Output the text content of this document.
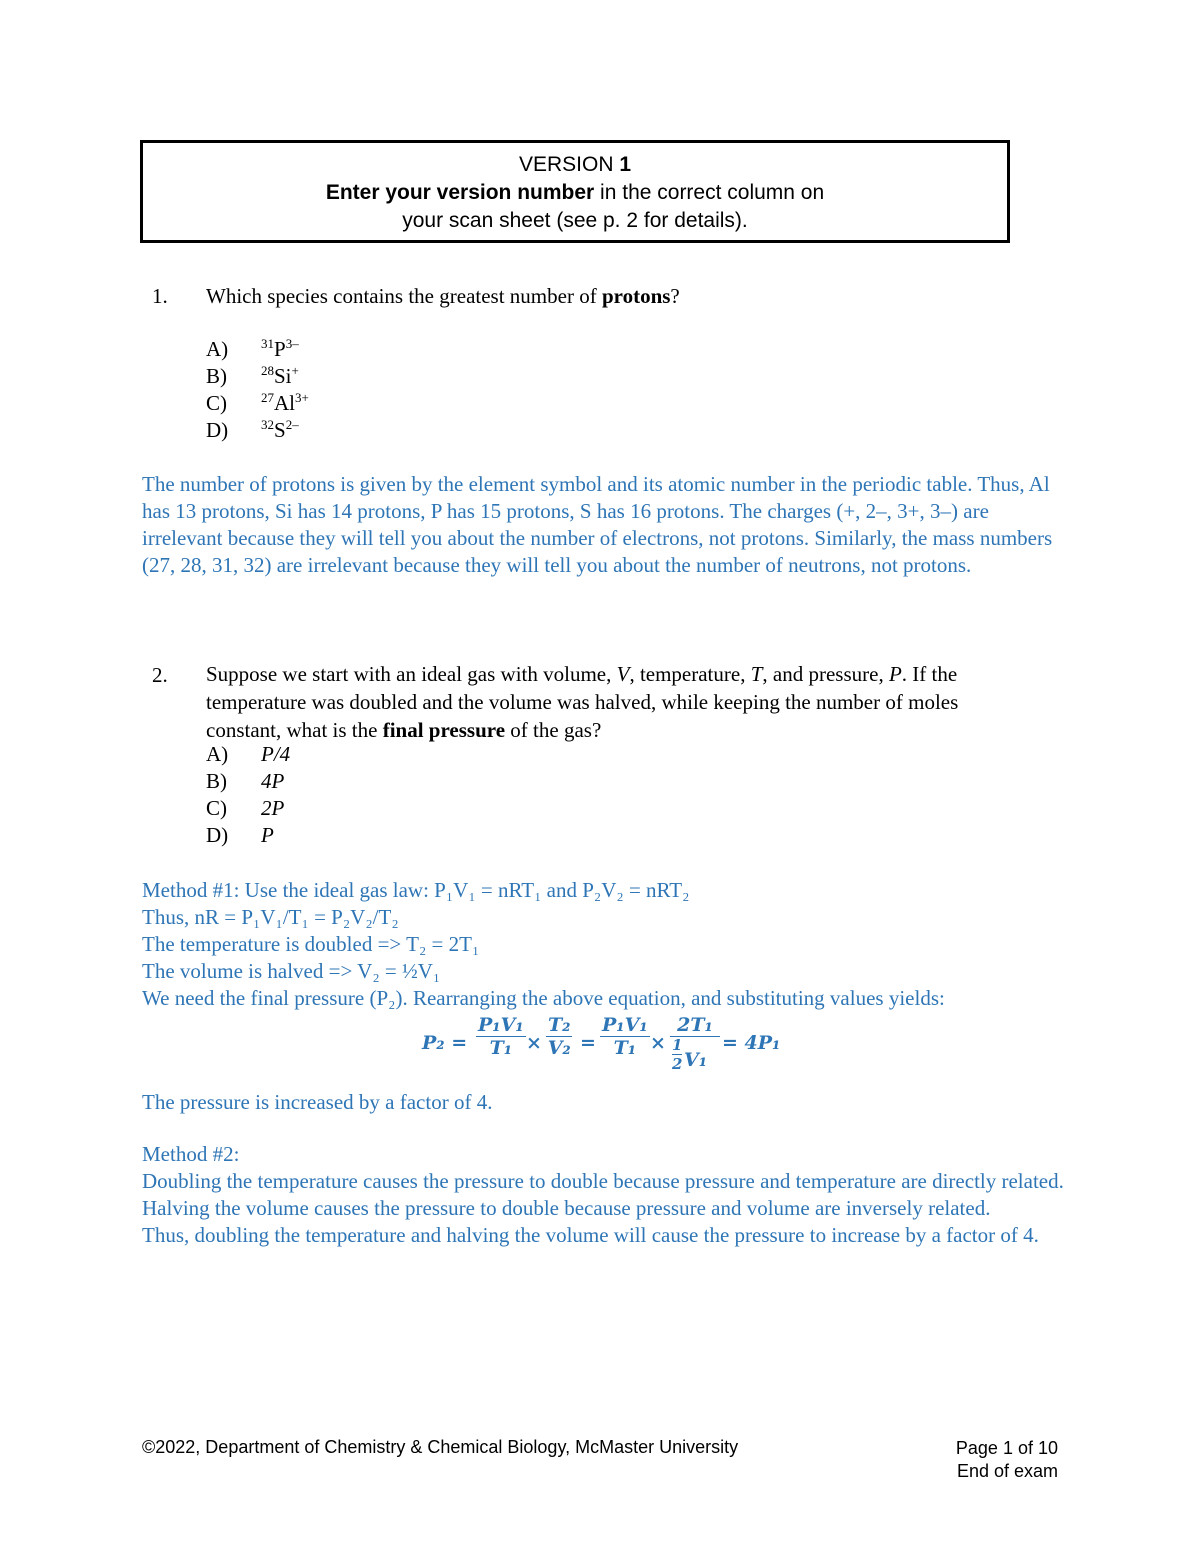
VERSION 1
Enter your version number in the correct column on
your scan sheet (see p. 2 for details).
1. Which species contains the greatest number of protons?
A)	$^{31}P^{3-}$
B)	$^{28}$Si+
C)	$^{27}Al^{3+}$
D)	$^{32}S^{2-}$
The number of protons is given by the element symbol and its atomic number in the periodic table. Thus, Al has 13 protons, Si has 14 protons, P has 15 protons, S has 16 protons. The charges (+, 2–, 3+, 3–) are irrelevant because they will tell you about the number of electrons, not protons. Similarly, the mass numbers (27, 28, 31, 32) are irrelevant because they will tell you about the number of neutrons, not protons.
2. Suppose we start with an ideal gas with volume, V, temperature, T, and pressure, P. If the temperature was doubled and the volume was halved, while keeping the number of moles constant, what is the final pressure of the gas?
A) P/4
B) 4P
C) 2P
D) P
Method #1: Use the ideal gas law: P₁V₁ = nRT₁ and P₂V₂ = nRT₂
Thus, nR = P₁V₁/T₁ = P₂V₂/T₂
The temperature is doubled => T₂ = 2T₁
The volume is halved => V₂ = ½V₁
We need the final pressure (P₂). Rearranging the above equation, and substituting values yields:
$P_2 = \frac{\text{P₁V₁}}{\text{T₁}} \times \frac{\text{T₂}}{\text{V₂}} = \frac{\text{P₁V₁}}{\text{T₁}} \times 2T_1$
1
2 V₁ = 4P₁
The pressure is increased by a factor of 4.
Method #2:
Doubling the temperature causes the pressure to double because pressure and temperature are directly related.
Halving the volume causes the pressure to double because pressure and volume are inversely related.
Thus, doubling the temperature and halving the volume will cause the pressure to increase by a factor of 4.
©2022, Department of Chemistry & Chemical Biology, McMaster University	Page 1 of 10
End of exam
